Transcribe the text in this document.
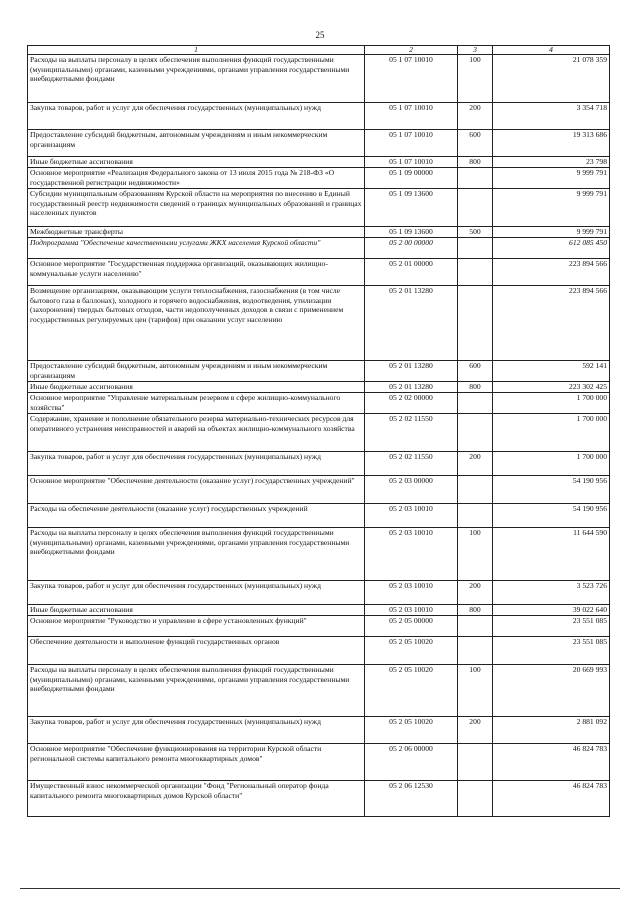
25
1	2	3	4
Расходы на выплаты персоналу в целях обеспечения выполнения функций государственными (муниципальными) органами, казенными учреждениями, органами управления государственными внебюджетными фондами	05 1 07 10010	100	21 078 359
Закупка товаров, работ и услуг для обеспечения государственных (муниципальных) нужд	05 1 07 10010	200	3 354 718
Предоставление субсидий бюджетным, автономным учреждениям и иным некоммерческим организациям	05 1 07 10010	600	19 313 686
Иные бюджетные ассигнования	05 1 07 10010	800	23 798
Основное мероприятие «Реализация Федерального закона от 13 июля 2015 года № 218-ФЗ «О государственной регистрации недвижимости»	05 1 09 00000		9 999 791
Субсидии муниципальным образованиям Курской области на мероприятия по внесению в Единый государственный реестр недвижимости сведений о границах муниципальных образований и границах населенных пунктов	05 1 09 13600		9 999 791
Межбюджетные трансферты	05 1 09 13600	500	9 999 791
Подпрограмма "Обеспечение качественными услугами ЖКХ населения Курской области"	05 2 00 00000		612 085 450
Основное мероприятие "Государственная поддержка организаций, оказывающих жилищно-коммунальные услуги населению"	05 2 01 00000		223 894 566
Возмещение организациям, оказывающим услуги теплоснабжения, газоснабжения (в том числе бытового газа в баллонах), холодного и горячего водоснабжения, водоотведения, утилизации (захоронения) твердых бытовых отходов, части недополученных доходов в связи с применением государственных регулируемых цен (тарифов) при оказании услуг населению	05 2 01 13280		223 894 566
Предоставление субсидий бюджетным, автономным учреждениям и иным некоммерческим организациям	05 2 01 13280	600	592 141
Иные бюджетные ассигнования	05 2 01 13280	800	223 302 425
Основное мероприятие "Управление материальным резервом в сфере жилищно-коммунального хозяйства"	05 2 02 00000		1 700 000
Содержание, хранение и пополнение обязательного резерва материально-технических ресурсов для оперативного устранения неисправностей и аварий на объектах жилищно-коммунального хозяйства	05 2 02 11550		1 700 000
Закупка товаров, работ и услуг для обеспечения государственных (муниципальных) нужд	05 2 02 11550	200	1 700 000
Основное мероприятие "Обеспечение деятельности (оказание услуг) государственных учреждений"	05 2 03 00000		54 190 956
Расходы на обеспечение деятельности (оказание услуг) государственных учреждений	05 2 03 10010		54 190 956
Расходы на выплаты персоналу в целях обеспечения выполнения функций государственными (муниципальными) органами, казенными учреждениями, органами управления государственными внебюджетными фондами	05 2 03 10010	100	11 644 590
Закупка товаров, работ и услуг для обеспечения государственных (муниципальных) нужд	05 2 03 10010	200	3 523 726
Иные бюджетные ассигнования	05 2 03 10010	800	39 022 640
Основное мероприятие "Руководство и управление в сфере установленных функций"	05 2 05 00000		23 551 085
Обеспечение деятельности и выполнение функций государственных органов	05 2 05 10020		23 551 085
Расходы на выплаты персоналу в целях обеспечения выполнения функций государственными (муниципальными) органами, казенными учреждениями, органами управления государственными внебюджетными фондами	05 2 05 10020	100	20 669 993
Закупка товаров, работ и услуг для обеспечения государственных (муниципальных) нужд	05 2 05 10020	200	2 881 092
Основное мероприятие "Обеспечение функционирования на территории Курской области региональной системы капитального ремонта многоквартирных домов"	05 2 06 00000		46 824 783
Имущественный взнос некоммерческой организации "Фонд "Региональный оператор фонда капитального ремонта многоквартирных домов Курской области"	05 2 06 12530		46 824 783
